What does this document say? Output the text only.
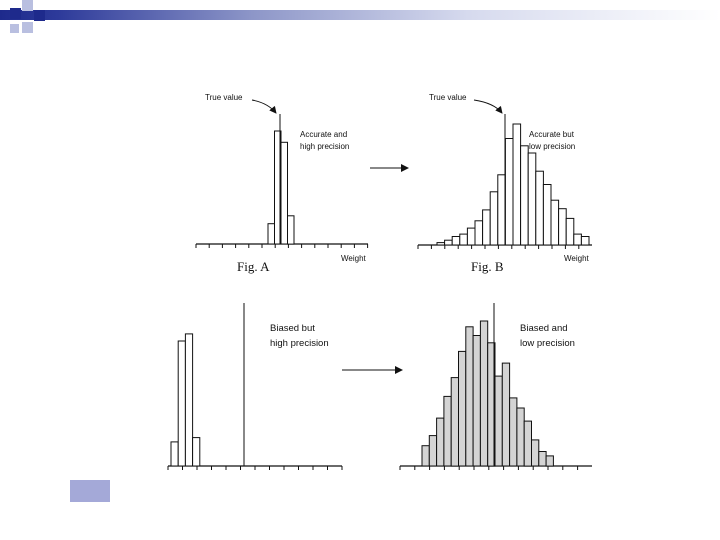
True value
Accurate and
high precision
Weight
Fig. A
True value
Accurate but
low precision
Weight
Fig. B
Biased but
high precision
Biased and
low precision
